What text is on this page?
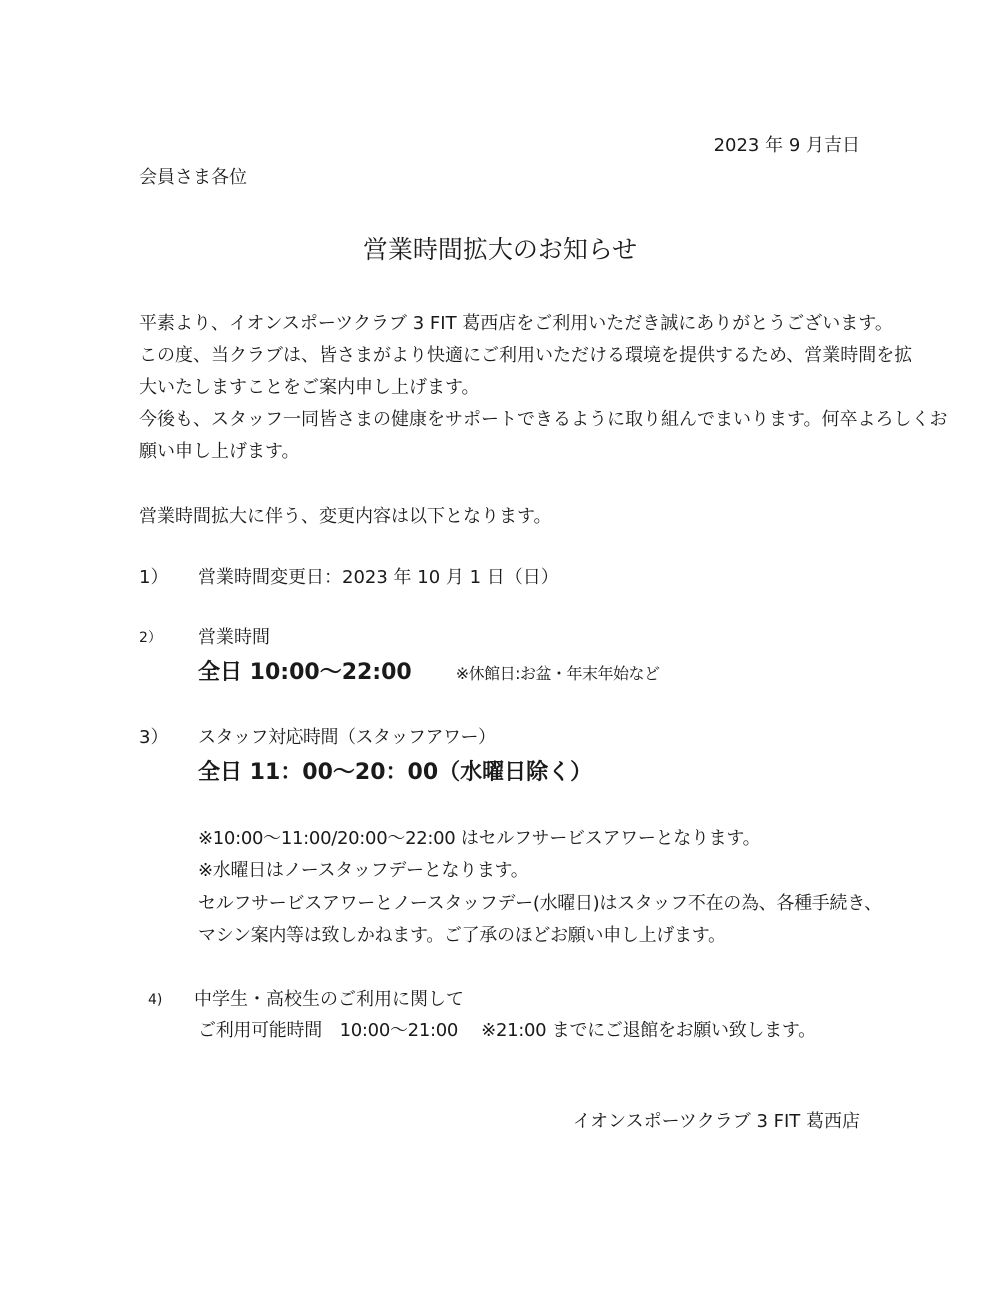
2023 年 9 月吉日
会員さま各位
営業時間拡大のお知らせ
平素より、イオンスポーツクラブ 3 FIT 葛西店をご利用いただき誠にありがとうございます。
この度、当クラブは、皆さまがより快適にご利用いただける環境を提供するため、営業時間を拡
大いたしますことをご案内申し上げます。
今後も、スタッフ一同皆さまの健康をサポートできるように取り組んでまいります。何卒よろしくお
願い申し上げます。
営業時間拡大に伴う、変更内容は以下となります。
1） 営業時間変更日：2023 年 10 月 1 日（日）
2） 営業時間
全日 10:00～22:00	※休館日:お盆・年末年始など
3） スタッフ対応時間（スタッフアワー）
全日 11：00～20：00（水曜日除く）
※10:00～11:00/20:00～22:00 はセルフサービスアワーとなります。
※水曜日はノースタッフデーとなります。
セルフサービスアワーとノースタッフデー(水曜日)はスタッフ不在の為、各種手続き、
マシン案内等は致しかねます。ご了承のほどお願い申し上げます。
4) 中学生・高校生のご利用に関して
ご利用可能時間　10:00～21:00　 ※21:00 までにご退館をお願い致します。
イオンスポーツクラブ 3 FIT 葛西店
